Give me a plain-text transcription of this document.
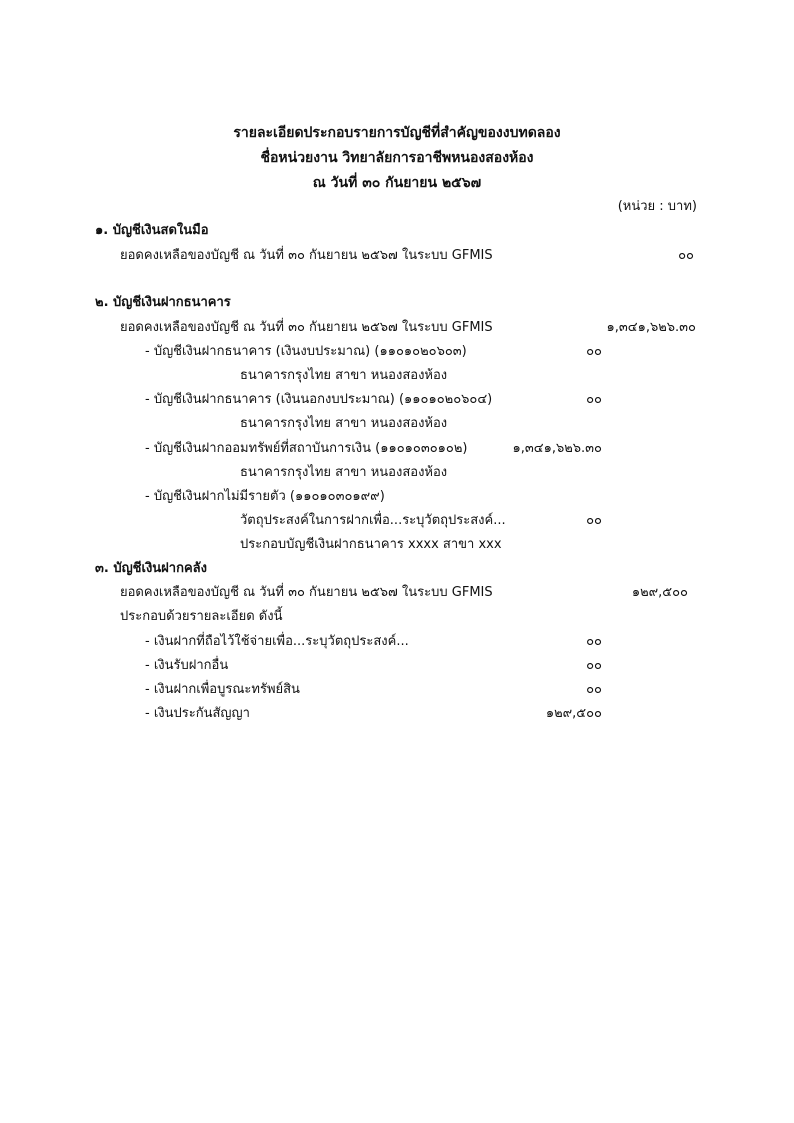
รายละเอียดประกอบรายการบัญชีที่สำคัญของงบทดลอง
ชื่อหน่วยงาน วิทยาลัยการอาชีพหนองสองห้อง
ณ วันที่ ๓๐ กันยายน ๒๕๖๗
(หน่วย : บาท)
๑. บัญชีเงินสดในมือ
ยอดคงเหลือของบัญชี ณ วันที่ ๓๐ กันยายน ๒๕๖๗ ในระบบ GFMIS	๐๐
๒. บัญชีเงินฝากธนาคาร
ยอดคงเหลือของบัญชี ณ วันที่ ๓๐ กันยายน ๒๕๖๗ ในระบบ GFMIS	๑,๓๔๑,๖๒๖.๓๐
- บัญชีเงินฝากธนาคาร (เงินงบประมาณ) (๑๑๐๑๐๒๐๖๐๓)	๐๐
ธนาคารกรุงไทย สาขา หนองสองห้อง
- บัญชีเงินฝากธนาคาร (เงินนอกงบประมาณ) (๑๑๐๑๐๒๐๖๐๔)	๐๐
ธนาคารกรุงไทย สาขา หนองสองห้อง
- บัญชีเงินฝากออมทรัพย์ที่สถาบันการเงิน (๑๑๐๑๐๓๐๑๐๒)	๑,๓๔๑,๖๒๖.๓๐
ธนาคารกรุงไทย สาขา หนองสองห้อง
- บัญชีเงินฝากไม่มีรายตัว (๑๑๐๑๐๓๐๑๙๙)
วัตถุประสงค์ในการฝากเพื่อ...ระบุวัตถุประสงค์...	๐๐
ประกอบบัญชีเงินฝากธนาคาร xxxx สาขา xxx
๓. บัญชีเงินฝากคลัง
ยอดคงเหลือของบัญชี ณ วันที่ ๓๐ กันยายน ๒๕๖๗ ในระบบ GFMIS	๑๒๙,๕๐๐
ประกอบด้วยรายละเอียด ดังนี้
- เงินฝากที่ถือไว้ใช้จ่ายเพื่อ...ระบุวัตถุประสงค์...	๐๐
- เงินรับฝากอื่น	๐๐
- เงินฝากเพื่อบูรณะทรัพย์สิน	๐๐
- เงินประกันสัญญา	๑๒๙,๕๐๐
